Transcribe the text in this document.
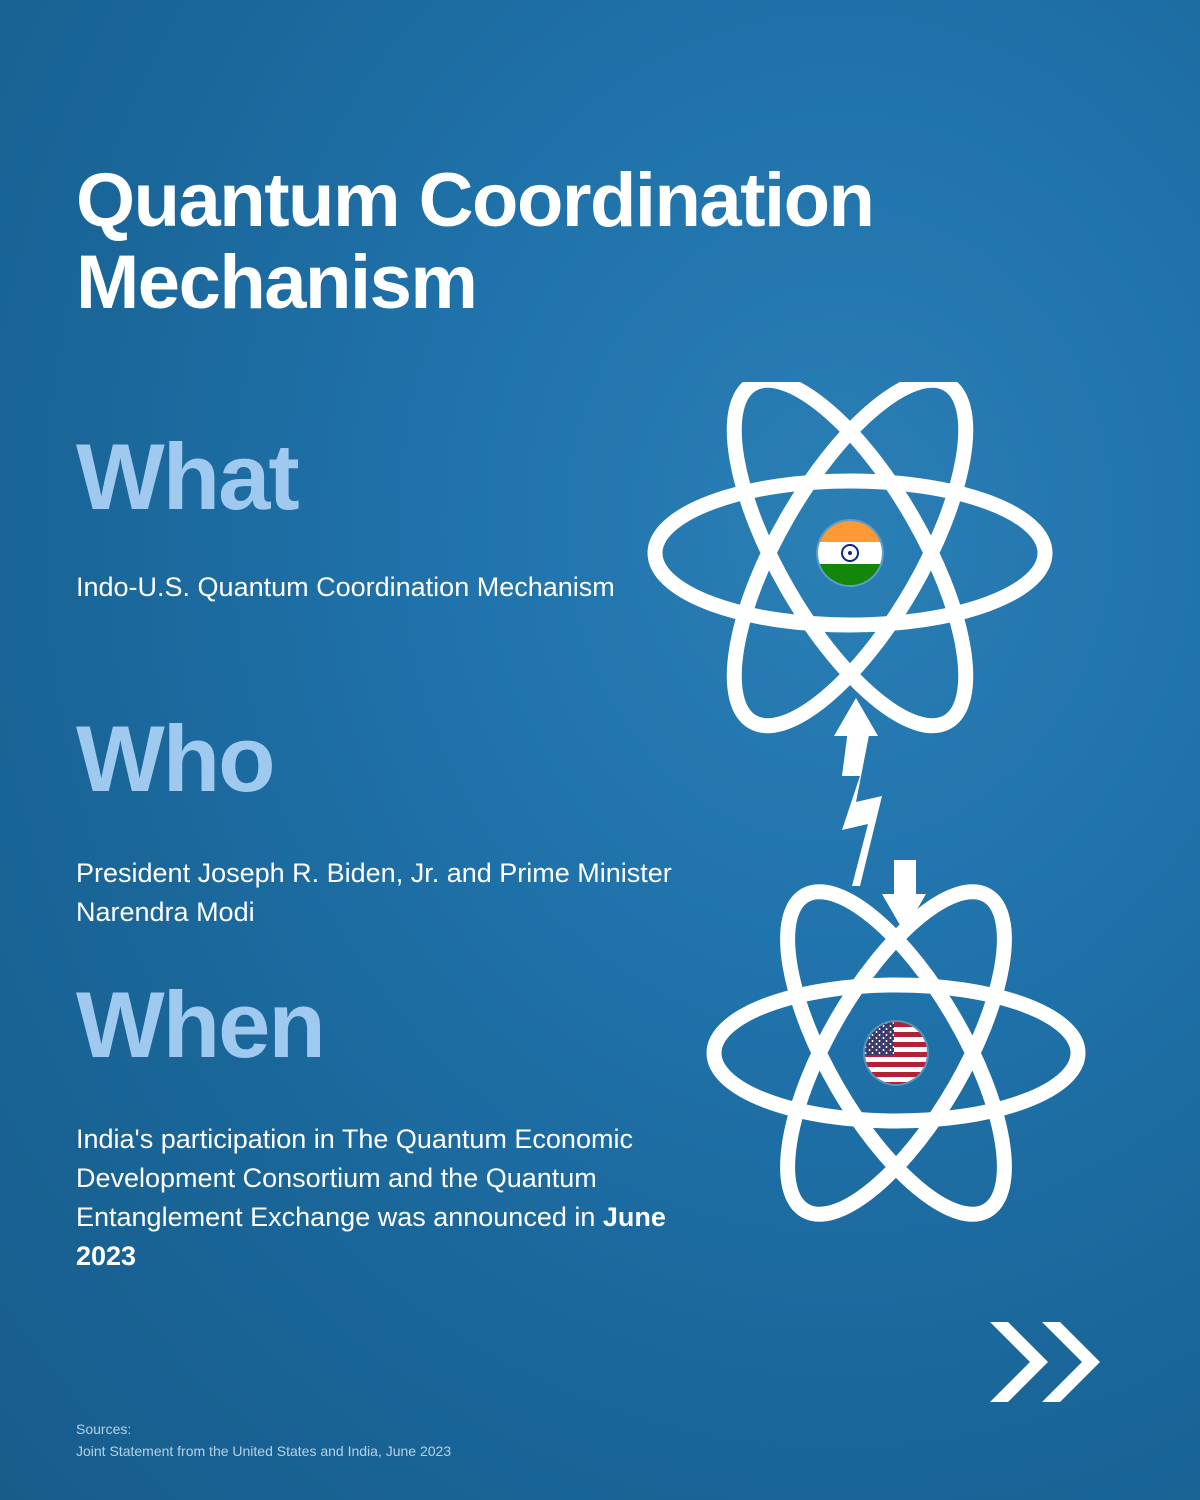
Quantum Coordination Mechanism
What
Indo-U.S. Quantum Coordination Mechanism
Who
President Joseph R. Biden, Jr. and Prime Minister Narendra Modi
When
India's participation in The Quantum Economic Development Consortium and the Quantum Entanglement Exchange was announced in June 2023
Sources:
Joint Statement from the United States and India, June 2023
